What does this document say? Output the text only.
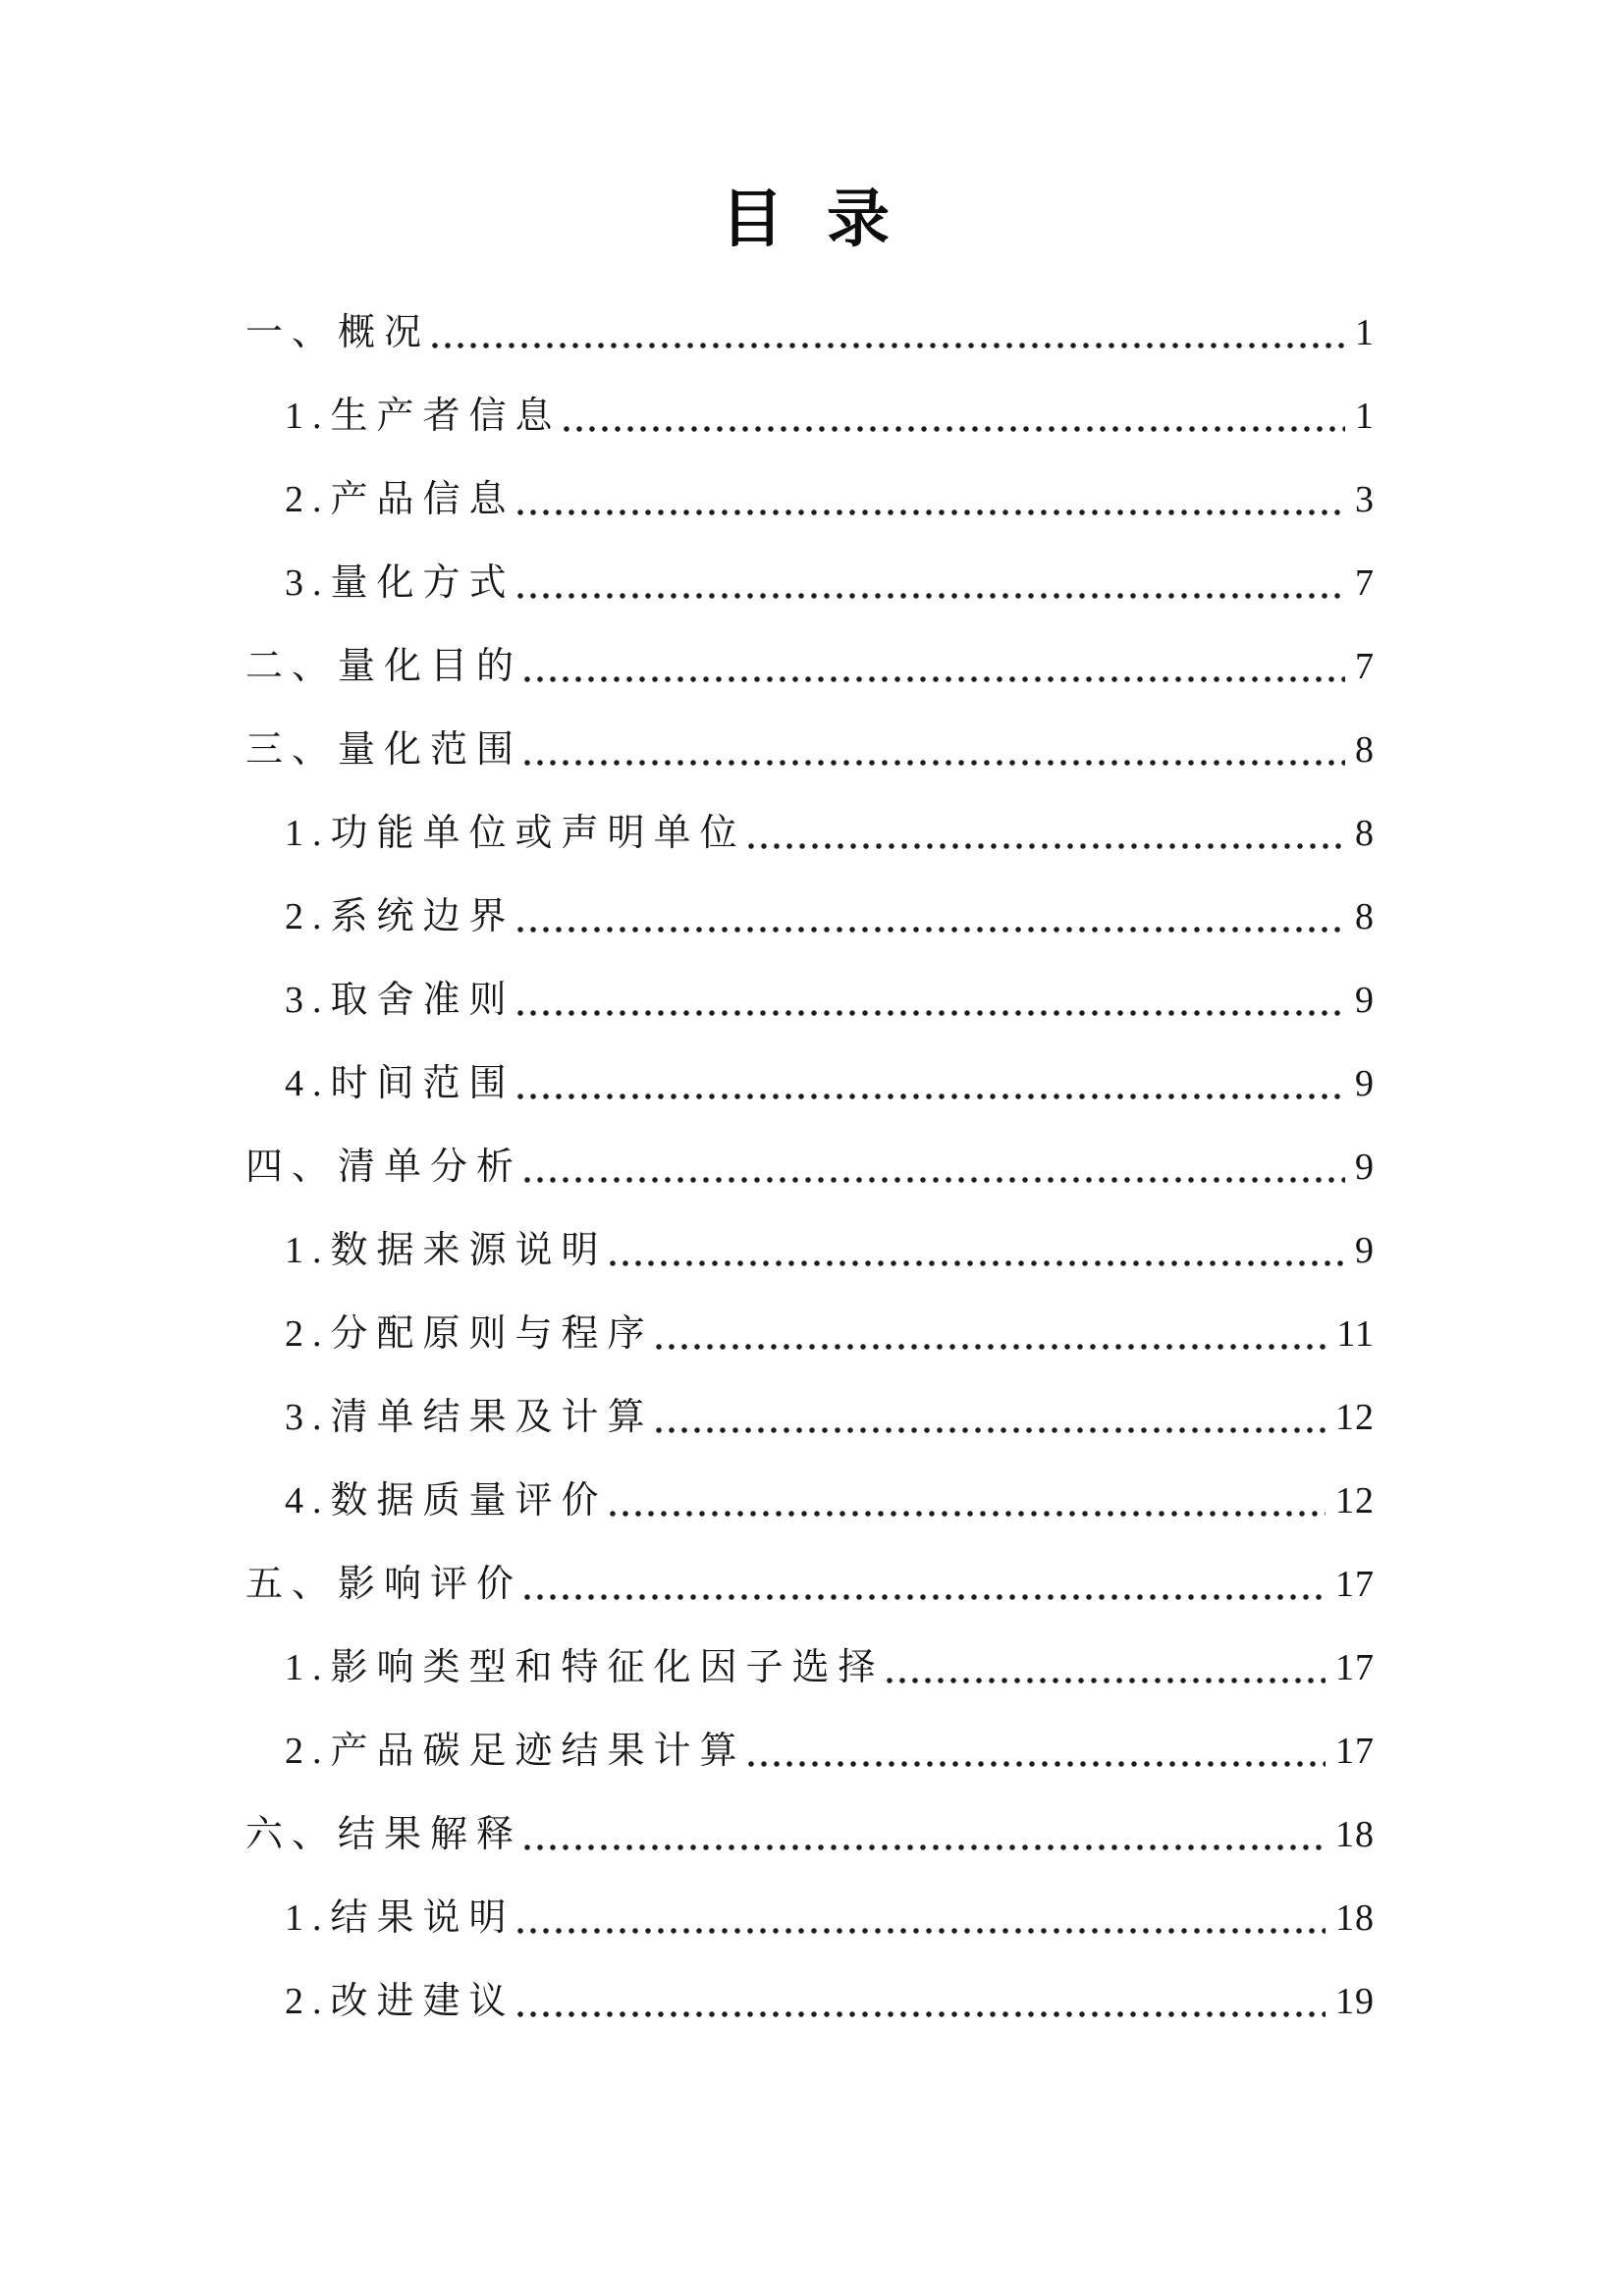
目 录
一、概况	1
1.生产者信息	1
2.产品信息	3
3.量化方式	7
二、量化目的	7
三、量化范围	8
1.功能单位或声明单位	8
2.系统边界	8
3.取舍准则	9
4.时间范围	9
四、清单分析	9
1.数据来源说明	9
2.分配原则与程序	11
3.清单结果及计算	12
4.数据质量评价	12
五、影响评价	17
1.影响类型和特征化因子选择	17
2.产品碳足迹结果计算	17
六、结果解释	18
1.结果说明	18
2.改进建议	19
